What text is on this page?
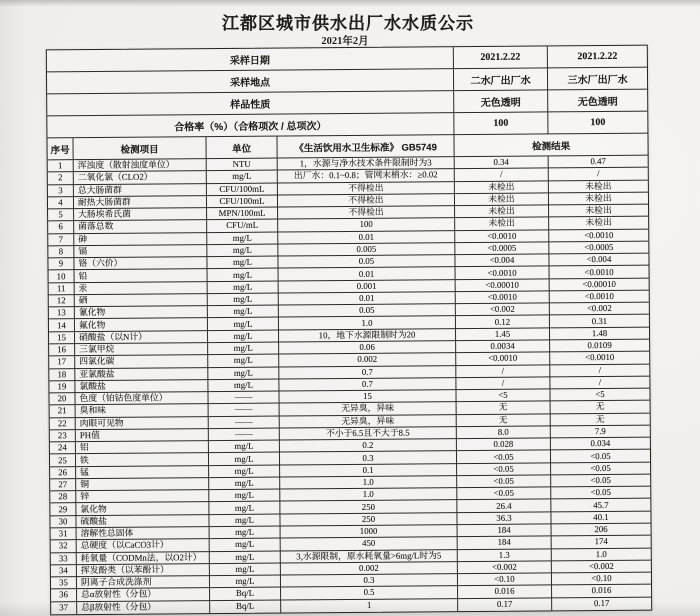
江都区城市供水出厂水水质公示
2021年2月
采样日期	2021.2.22	2021.2.22
采样地点	二水厂出厂水	三水厂出厂水
样品性质	无色透明	无色透明
合格率（%）（合格项次 / 总项次）	100	100
序号	检测项目	单位	《生活饮用水卫生标准》 GB5749	检测结果
1	浑浊度（散射浊度单位）	NTU	1，水源与净水技术条件限制时为3	0.34	0.47
2	二氧化氯（CLO2）	mg/L	出厂水：0.1~0.8；管网末梢水：≥0.02	/	/
3	总大肠菌群	CFU/100mL	不得检出	未检出	未检出
4	耐热大肠菌群	CFU/100mL	不得检出	未检出	未检出
5	大肠埃希氏菌	MPN/100mL	不得检出	未检出	未检出
6	菌落总数	CFU/mL	100	未检出	未检出
7	砷	mg/L	0.01	<0.0010	<0.0010
8	镉	mg/L	0.005	<0.0005	<0.0005
9	铬（六价）	mg/L	0.05	<0.004	<0.004
10	铅	mg/L	0.01	<0.0010	<0.0010
11	汞	mg/L	0.001	<0.00010	<0.00010
12	硒	mg/L	0.01	<0.0010	<0.0010
13	氰化物	mg/L	0.05	<0.002	<0.002
14	氟化物	mg/L	1.0	0.12	0.31
15	硝酸盐（以N计）	mg/L	10，地下水源限制时为20	1.45	1.48
16	三氯甲烷	mg/L	0.06	0.0034	0.0109
17	四氯化碳	mg/L	0.002	<0.0010	<0.0010
18	亚氯酸盐	mg/L	0.7	/	/
19	氯酸盐	mg/L	0.7	/	/
20	色度（铂钴色度单位）	——	15	<5	<5
21	臭和味	——	无异臭，异味	无	无
22	肉眼可见物	——	无异臭，异味	无	无
23	PH值	——	不小于6.5且不大于8.5	8.0	7.9
24	铝	mg/L	0.2	0.028	0.034
25	铁	mg/L	0.3	<0.05	<0.05
26	锰	mg/L	0.1	<0.05	<0.05
27	铜	mg/L	1.0	<0.05	<0.05
28	锌	mg/L	1.0	<0.05	<0.05
29	氯化物	mg/L	250	26.4	45.7
30	硫酸盐	mg/L	250	36.3	40.1
31	溶解性总固体	mg/L	1000	184	206
32	总硬度（以CaCO3计）	mg/L	450	184	174
33	耗氧量（CODMn法，以O2计）	mg/L	3,水源限制，原水耗氧量>6mg/L时为5	1.3	1.0
34	挥发酚类（以苯酚计）	mg/L	0.002	<0.002	<0.002
35	阴离子合成洗涤剂	mg/L	0.3	<0.10	<0.10
36	总α放射性（分包）	Bq/L	0.5	0.016	0.016
37	总β放射性（分包）	Bq/L	1	0.17	0.17
